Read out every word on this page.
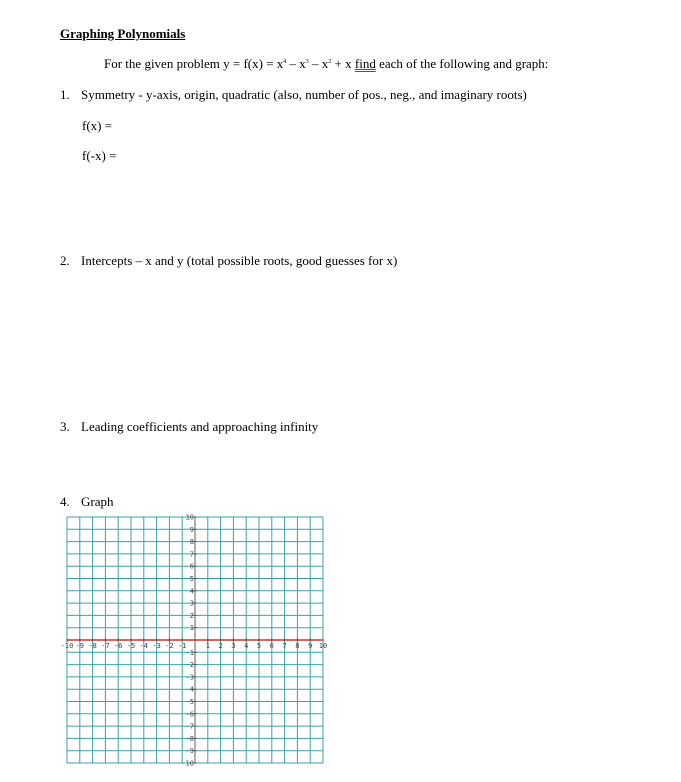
Graphing Polynomials
For the given problem $y = f(x) = x^4 - x^3 - x^2 + x$ find each of the following and graph:
1. Symmetry - y-axis, origin, quadratic (also, number of pos., neg., and imaginary roots)
f(x) =
f(-x) =
2. Intercepts – x and y (total possible roots, good guesses for x)
3. Leading coefficients and approaching infinity
4. Graph
-10 -9 -8 -7 -6 -5 -4 -3 -2 -1	1 2 3 4 5 6 7 8 9 10
10
9
8
7
6
5
4
3
2
1
-1
-2
-3
-4
-5
-6
-7
-8
-9
-10
